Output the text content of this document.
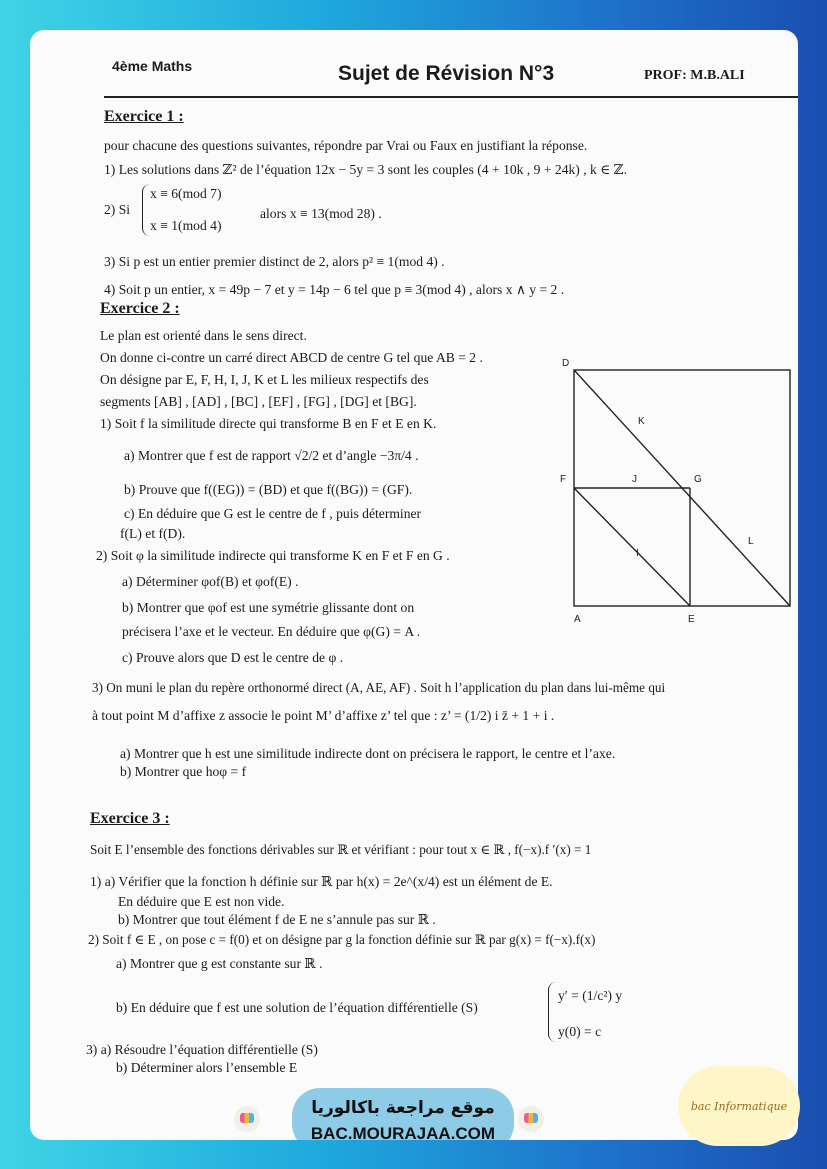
4ème Maths	Sujet de Révision N°3	PROF: M.B.ALI
Exercice 1 :
pour chacune des questions suivantes, répondre par Vrai ou Faux en justifiant la réponse.
1) Les solutions dans ℤ² de l’équation 12x − 5y = 3 sont les couples (4 + 10k , 9 + 24k) , k ∈ ℤ.
2) Si
x ≡ 6(mod 7)
x ≡ 1(mod 4)
alors x ≡ 13(mod 28) .
3) Si p est un entier premier distinct de 2, alors p² ≡ 1(mod 4) .
4) Soit p un entier, x = 49p − 7 et y = 14p − 6 tel que p ≡ 3(mod 4) , alors x ∧ y = 2 .
Exercice 2 :
Le plan est orienté dans le sens direct.
On donne ci-contre un carré direct ABCD de centre G tel que AB = 2 .
On désigne par E, F, H, I, J, K et L les milieux respectifs des
segments [AB] , [AD] , [BC] , [EF] , [FG] , [DG] et [BG].
1) Soit f la similitude directe qui transforme B en F et E en K.
a) Montrer que f est de rapport √2/2 et d’angle −3π/4 .
b) Prouve que f((EG)) = (BD) et que f((BG)) = (GF).
c) En déduire que G est le centre de f , puis déterminer
f(L) et f(D).
2) Soit φ la similitude indirecte qui transforme K en F et F en G .
a) Déterminer φof(B) et φof(E) .
b) Montrer que φof est une symétrie glissante dont on
précisera l’axe et le vecteur. En déduire que φ(G) = A .
c) Prouve alors que D est le centre de φ .
3) On muni le plan du repère orthonormé direct (A, AE, AF) . Soit h l’application du plan dans lui-même qui
à tout point M d’affixe z associe le point M’ d’affixe z’ tel que : z’ = (1/2) i z̄ + 1 + i .
a) Montrer que h est une similitude indirecte dont on précisera le rapport, le centre et l’axe.
b) Montrer que hoφ = f
D
K
F	J	G
L
I
A	E
Exercice 3 :
Soit E l’ensemble des fonctions dérivables sur ℝ et vérifiant : pour tout x ∈ ℝ , f(−x).f ′(x) = 1
1) a) Vérifier que la fonction h définie sur ℝ par h(x) = 2e^(x/4) est un élément de E.
En déduire que E est non vide.
b) Montrer que tout élément f de E ne s’annule pas sur ℝ .
2) Soit f ∈ E , on pose c = f(0) et on désigne par g la fonction définie sur ℝ par g(x) = f(−x).f(x)
a) Montrer que g est constante sur ℝ .
b) En déduire que f est une solution de l’équation différentielle (S)
y′ = (1/c²) y
y(0) = c
3) a) Résoudre l’équation différentielle (S)
b) Déterminer alors l’ensemble E
موقع مراجعة باكالوريا
BAC.MOURAJAA.COM
bac Informatique
